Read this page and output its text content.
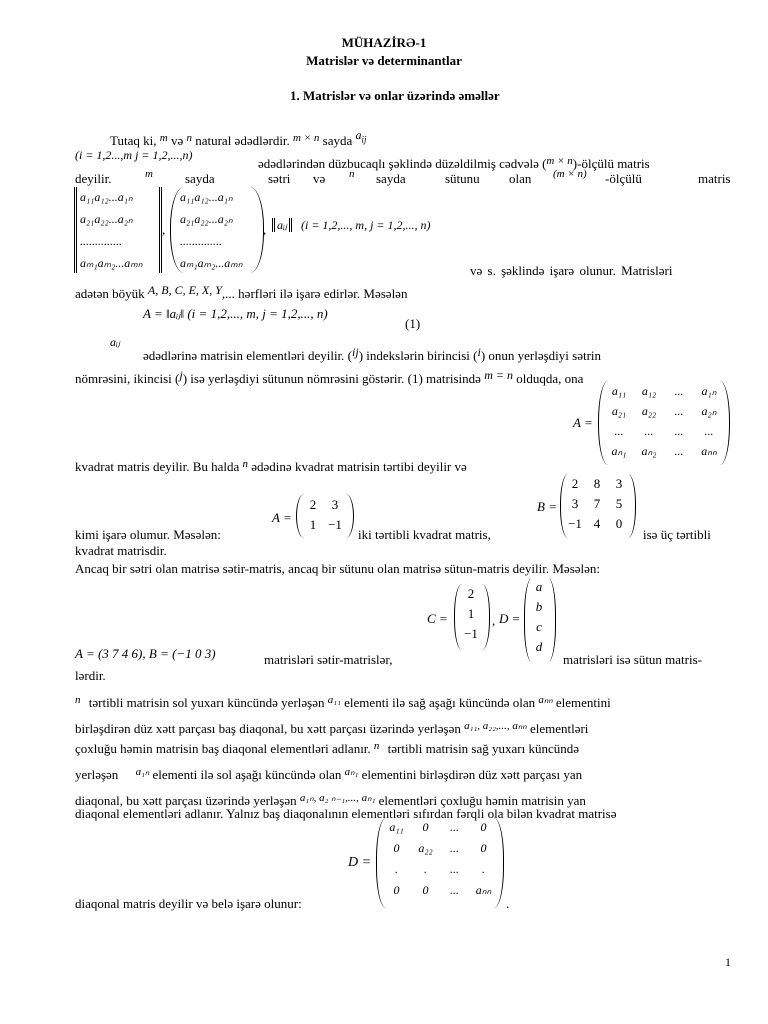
MÜHAZİRƏ-1
Matrislər və determinantlar
1. Matrislər və onlar üzərində əməllər
Tutaq ki, $^m$ və $^n$ natural ədədlərdir. $^{m \times n}$ sayda $a_{ij}$
(i = 1,2...,m j = 1,2,...,n)
ədədlərindən düzbucaqlı şəklində düzəldilmiş cədvələ ($^{m \times n}$)-ölçülü matris
deyilir.	m sayda	sətri və n sayda	sütunu olan (m × n) -ölçülü	matris
a₁₁a₁₂...a₁ₙ
a₂₁a₂₂...a₂ₙ
..............
aₘ₁aₘ₂...aₘₙ
,
a₁₁a₁₂...a₁ₙ
a₂₁a₂₂...a₂ₙ
..............
aₘ₁aₘ₂...aₘₙ
, aᵢⱼ (i = 1,2,..., m, j = 1,2,..., n)
və s. şəklində işarə olunur. Matrisləri
adətən böyük A, B, C, E, X, Y,... hərfləri ilə işarə edirlər. Məsələn
A = ‖aᵢⱼ‖ (i = 1,2,..., m, j = 1,2,..., n)
(1)
aᵢⱼ
ədədlərinə matrisin elementləri deyilir. (ij) indekslərin birincisi (i) onun yerləşdiyi sətrin
nömrəsini, ikincisi (j) isə yerləşdiyi sütunun nömrəsini göstərir. (1) matrisində m = n olduqda, ona
A =
a₁₁	a₁₂	...	a₁ₙ
a₂₁	a₂₂	...	a₂ₙ
...	...	...	...
aₙ₁	aₙ₂	...	aₙₙ
kvadrat matris deyilir. Bu halda $^n$ ədədinə kvadrat matrisin tərtibi deyilir və
A =
2	3
1 −1
B =
2	8	3
3	7	5
−1 4	0
kimi işarə olumur. Məsələn:	iki tərtibli kvadrat matris,	isə üç tərtibli
kvadrat matrisdir.
Ancaq bir sətri olan matrisə sətir-matris, ancaq bir sütunu olan matrisə sütun-matris deyilir. Məsələn:
C =
2
1
−1
, D =
a
b
c
d
A = (3 7 4 6), B = (−1 0 3)	matrisləri sətir-matrislər,	matrisləri isə sütun matris-
lərdir.
$^n$ tərtibli matrisin sol yuxarı küncündə yerləşən $^{a_{11}}$ elementi ilə sağ aşağı küncündə olan $^{a_{nn}}$ elementini
birləşdirən düz xətt parçası baş diaqonal, bu xətt parçası üzərində yerləşən $^{a_{11}, a_{22},..., a_{nn}}$ elementləri
çoxluğu həmin matrisin baş diaqonal elementləri adlanır. $^n$ tərtibli matrisin sağ yuxarı küncündə
yerləşən $^{a_{1n}}$ elementi ilə sol aşağı küncündə olan $^{a_{n1}}$ elementini birləşdirən düz xətt parçası yan
diaqonal, bu xətt parçası üzərində yerləşən $^{a_{1n}, a_2 _{n-1},..., a_{n1}}$ elementləri çoxluğu həmin matrisin yan
diaqonal elementləri adlanır. Yalnız baş diaqonalının elementləri sıfırdan fərqli ola bilən kvadrat matrisə
D =
a₁₁	0	...	0
0	a₂₂	...	0
.	.	...	.
0	0	...	aₙₙ
diaqonal matris deyilir və belə işarə olunur:	.
1
